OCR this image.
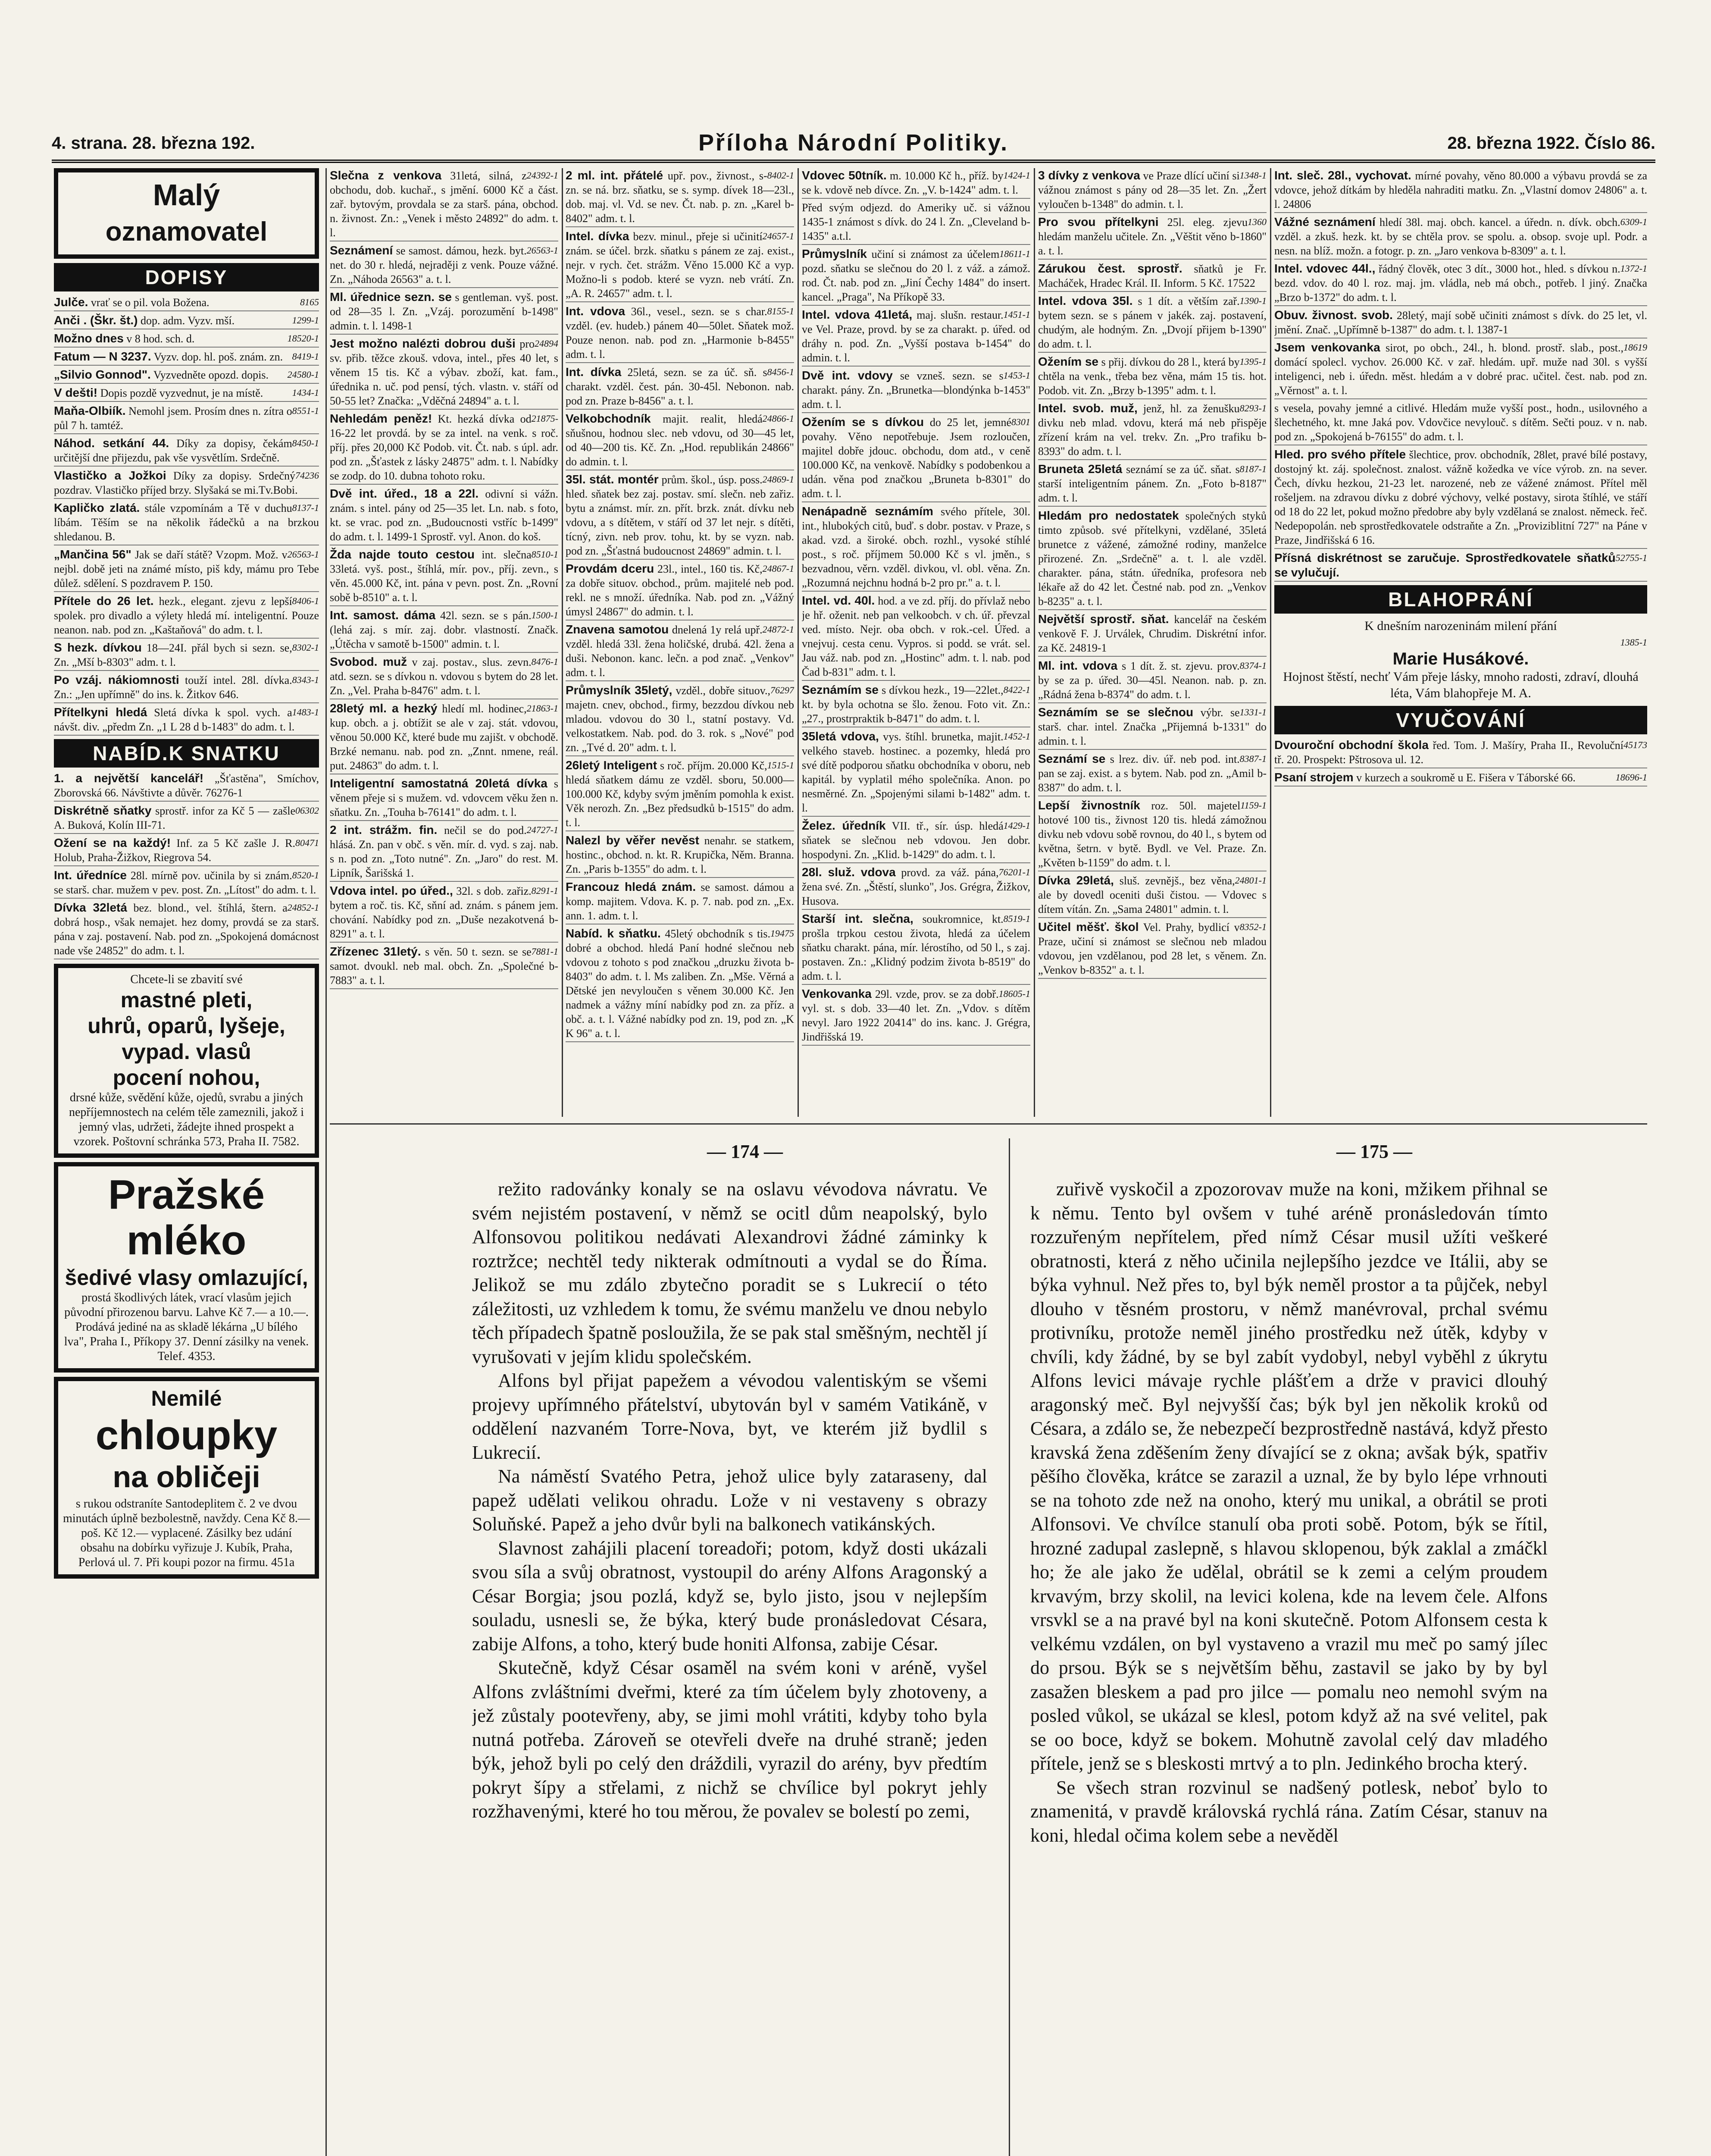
4. strana. 28. března 192.	Příloha Národní Politiky.	28. března 1922. Číslo 86.
Malý
oznamovatel
DOPISY
8165
Julče. vrať se o pil. vola Božena.
1299-1
Anči . (Škr. št.) dop. adm. Vyzv. mší.
18520-1
Možno dnes v 8 hod. sch. d.
8419-1
Fatum — N 3237. Vyzv. dop. hl. poš. znám. zn.
24580-1
„Silvio Gonnod". Vyzvedněte opozd. dopis.
1434-1
V dešti! Dopis pozdě vyzvednut, je na místě.
8551-1
Maňa-Olbiík. Nemohl jsem. Prosím dnes n. zítra o půl 7 h. tamtéž.
8450-1
Náhod. setkání 44. Díky za dopisy, čekám určitější dne přijezdu, pak vše vysvětlím. Srdečně.
74236
Vlastičko a Jožkoi Díky za dopisy. Srdečný pozdrav. Vlastičko příjed brzy. Slyšaká se mi.Tv.Bobi.
8137-1
Kapličko zlatá. stále vzpomínám a Tě v duchu líbám. Těším se na několik řádečků a na brzkou shledanou. B.
26563-1
„Mančina 56" Jak se daří státě? Vzopm. Mož. v nejbl. době jeti na známé místo, piš kdy, mámu pro Tebe důlež. sdělení. S pozdravem P. 150.
8406-1
Přítele do 26 let. hezk., elegant. zjevu z lepší spolek. pro divadlo a výlety hledá mí. inteligentní. Pouze neanon. nab. pod zn. „Kaštaňová" do adm. t. l.
8302-1
S hezk. dívkou 18—24I. přál bych si sezn. se, Zn. „Mší b-8303" adm. t. l.
8343-1
Po vzáj. nákiomnosti touží intel. 28l. dívka. Zn.: „Jen upřímně" do ins. k. Žitkov 646.
1483-1
Přítelkyni hledá Sletá dívka k spol. vych. a návšt. div. „předm Zn. „1 L 28 d b-1483" do adm. t. l.
NABÍD.K SNATKU
1. a největší kancelář! „Šťastěna", Smíchov, Zborovská 66. Návštivte a důvěr. 76276-1
06302
Diskrétně sňatky sprostř. infor za Kč 5 — zašle A. Buková, Kolín III-71.
80471
Ožení se na každý! Inf. za 5 Kč zašle J. R. Holub, Praha-Žižkov, Riegrova 54.
8520-1
Int. úředníce 28l. mírně pov. učinila by si znám. se starš. char. mužem v pev. post. Zn. „Lítost" do adm. t. l.
24852-1
Dívka 32letá bez. blond., vel. štíhlá, štern. a dobrá hosp., však nemajet. hez domy, provdá se za starš. pána v zaj. postavení. Nab. pod zn. „Spokojená domácnost nade vše 24852" do adm. t. l.
Chcete-li se zbavití své
mastné pleti,
uhrů, oparů, lyšeje, vypad. vlasů
pocení nohou,
drsné kůže, svědění kůže, ojedů, svrabu a jiných nepříjemnostech na celém těle zameznili, jakož i jemný vlas, udržeti, žádejte ihned prospekt a vzorek. Poštovní schránka 573, Praha II. 7582.
Pražské
mléko
šedivé vlasy omlazující,
prostá škodlivých látek, vrací vlasům jejich původní přirozenou barvu. Lahve Kč 7.— a 10.—. Prodává jediné na as skladě lékárna „U bílého lva", Praha I., Příkopy 37. Denní zásilky na venek. Telef. 4353.
Nemilé
chloupky
na obličeji
s rukou odstraníte Santodeplitem č. 2 ve dvou minutách úplně bezbolestně, navždy. Cena Kč 8.— poš. Kč 12.— vyplacené. Zásilky bez udání obsahu na dobírku vyřizuje J. Kubík, Praha, Perlová ul. 7. Při koupi pozor na firmu. 451a
24392-1
Slečna z venkova 31letá, silná, z obchodu, dob. kuchař., s jmění. 6000 Kč a část. zař. bytovým, provdala se za starš. pána, obchod. n. živnost. Zn.: „Venek i město 24892" do adm. t. l.
26563-1
Seznámení se samost. dámou, hezk. byt. net. do 30 r. hledá, nejraději z venk. Pouze vážné. Zn. „Náhoda 26563" a. t. l.
Ml. úřednice sezn. se s gentleman. vyš. post. od 28—35 l. Zn. „Vzáj. porozumění b-1498" admin. t. l. 1498-1
24894
Jest možno nalézti dobrou duši pro sv. přib. těžce zkouš. vdova, intel., přes 40 let, s věnem 15 tis. Kč a výbav. zboží, kat. fam., úřednika n. uč. pod pensí, tých. vlastn. v. stáří od 50-55 let? Značka: „Vděčná 24894" a. t. l.
21875-
Nehledám peněz! Kt. hezká dívka od 16-22 let provdá. by se za intel. na venk. s roč. příj. přes 20,000 Kč Podob. vit. Čt. nab. s úpl. adr. pod zn. „Šťastek z lásky 24875" adm. t. l. Nabídky se zodp. do 10. dubna tohoto roku.
Dvě int. úřed., 18 a 22l. odivní si vážn. znám. s intel. pány od 25—35 let. Ln. nab. s foto, kt. se vrac. pod zn. „Budoucnosti vstříc b-1499" do adm. t. l. 1499-1 Sprostř. vyl. Anon. do koš.
8510-1
Žda najde touto cestou int. slečna 33letá. vyš. post., štíhlá, mír. pov., příj. zevn., s věn. 45.000 Kč, int. pána v pevn. post. Zn. „Rovní sobě b-8510" a. t. l.
1500-1
Int. samost. dáma 42l. sezn. se s pán. (lehá zaj. s mír. zaj. dobr. vlastností. Značk. „Útěcha v samotě b-1500" admin. t. l.
8476-1
Svobod. muž v zaj. postav., slus. zevn. atd. sezn. se s dívkou n. vdovou s bytem do 28 let. Zn. „Vel. Praha b-8476" adm. t. l.
21863-1
28letý ml. a hezký hledí ml. hodinec, kup. obch. a j. obtížit se ale v zaj. stát. vdovou, věnou 50.000 Kč, které bude mu zajišt. v obchodě. Brzké nemanu. nab. pod zn. „Znnt. nmene, reál. put. 24863" do adm. t. l.
Inteligentní samostatná 20letá dívka s věnem přeje si s mužem. vd. vdovcem věku žen n. sňatku. Zn. „Touha b-76141" do adm. t. l.
24727-1
2 int. strážm. fin. nečil se do pod. hlásá. Zn. pan v obč. s věn. mír. d. vyd. s zaj. nab. s n. pod zn. „Toto nutné". Zn. „Jaro" do rest. M. Lipník, Šarišská 1.
8291-1
Vdova intel. po úřed., 32l. s dob. zařiz. bytem a roč. tis. Kč, sňní ad. znám. s pánem jem. chování. Nabídky pod zn. „Duše nezakotvená b-8291" a. t. l.
7881-1
Zřízenec 31letý. s věn. 50 t. sezn. se se samot. dvoukl. neb mal. obch. Zn. „Společné b-7883" a. t. l.
8402-1
2 ml. int. přátelé upř. pov., živnost., s-zn. se ná. brz. sňatku, se s. symp. dívek 18—23l., dob. maj. vl. Vd. se nev. Čt. nab. p. zn. „Karel b-8402" adm. t. l.
24657-1
Intel. dívka bezv. minul., přeje si učinití znám. se účel. brzk. sňatku s pánem ze zaj. exist., nejr. v rych. čet. strážm. Věno 15.000 Kč a vyp. Možno-li s podob. které se vyzn. neb vrátí. Zn. „A. R. 24657" adm. t. l.
8155-1
Int. vdova 36l., vesel., sezn. se s char. vzděl. (ev. hudeb.) pánem 40—50let. Sňatek mož. Pouze nenon. nab. pod zn. „Harmonie b-8455" adm. t. l.
8456-1
Int. dívka 25letá, sezn. se za úč. sň. s charakt. vzděl. čest. pán. 30-45l. Nebonon. nab. pod zn. Praze b-8456" a. t. l.
24866-1
Velkobchodník majit. realit, hledá sňušnou, hodnou slec. neb vdovu, od 30—45 let, od 40—200 tis. Kč. Zn. „Hod. republikán 24866" do admin. t. l.
24869-1
35l. stát. montér prům. škol., úsp. poss. hled. sňatek bez zaj. postav. smí. slečn. neb zařiz. bytu a známst. mír. zn. přít. brzk. znát. dívku neb vdovu, a s dítětem, v stáří od 37 let nejr. s dítěti, tícný, zivn. neb prov. tohu, kt. by se vyzn. nab. pod zn. „Šťastná budoucnost 24869" admin. t. l.
24867-1
Provdám dceru 23l., intel., 160 tis. Kč, za dobře situov. obchod., prům. majitelé neb pod. rekl. ne s množí. úředníka. Nab. pod zn. „Vážný úmysl 24867" do admin. t. l.
24872-1
Znavena samotou dnelená 1y relá upř. vzděl. hledá 33l. žena holičské, drubá. 42l. žena a duši. Nebonon. kanc. lečn. a pod znač. „Venkov" adm. t. l.
76297
Průmyslník 35letý, vzděl., dobře situov., majetn. cnev, obchod., firmy, bezzdou dívkou neb mladou. vdovou do 30 l., statní postavy. Vd. velkostatkem. Nab. pod. do 3. rok. s „Nové" pod zn. „Tvé d. 20" adm. t. l.
1515-1
26letý Inteligent s roč. příjm. 20.000 Kč, hledá sňatkem dámu ze vzděl. sboru, 50.000—100.000 Kč, kdyby svým jměním pomohla k exist. Věk nerozh. Zn. „Bez předsudků b-1515" do adm. t. l.
Nalezl by věřer nevěst nenahr. se statkem, hostinc., obchod. n. kt. R. Krupička, Něm. Branna. Zn. „Paris b-1355" do adm. t. l.
Francouz hledá znám. se samost. dámou a komp. majitem. Vdova. K. p. 7. nab. pod zn. „Ex. ann. 1. adm. t. l.
19475
Nabíd. k sňatku. 45letý obchodník s tis. dobré a obchod. hledá Paní hodné slečnou neb vdovou z tohoto s pod značkou „druzku života b-8403" do adm. t. l. Ms zaliben. Zn. „Mše. Věrná a Dětské jen nevyloučen s věnem 30.000 Kč. Jen nadmek a vážny míní nabídky pod zn. za příz. a obč. a. t. l. Vážné nabídky pod zn. 19, pod zn. „K K 96" a. t. l.
1424-1
Vdovec 50tník. m. 10.000 Kč h., příž. by se k. vdově neb dívce. Zn. „V. b-1424" adm. t. l.
Před svým odjezd. do Ameriky uč. si vážnou 1435-1 známost s dívk. do 24 l. Zn. „Cleveland b-1435" a.t.l.
18611-1
Průmyslník učiní si známost za účelem pozd. sňatku se slečnou do 20 l. z váž. a zámož. rod. Čt. nab. pod zn. „Jiní Čechy 1484" do insert. kancel. „Praga", Na Příkopě 33.
1451-1
Intel. vdova 41letá, maj. slušn. restaur. ve Vel. Praze, provd. by se za charakt. p. úřed. od dráhy n. pod. Zn. „Vyšší postava b-1454" do admin. t. l.
1453-1
Dvě int. vdovy se vzneš. sezn. se s charakt. pány. Zn. „Brunetka—blondýnka b-1453" adm. t. l.
8301
Ožením se s dívkou do 25 let, jemné povahy. Věno nepotřebuje. Jsem rozloučen, majitel dobře jdouc. obchodu, dom atd., v ceně 100.000 Kč, na venkově. Nabídky s podobenkou a udán. věna pod značkou „Bruneta b-8301" do adm. t. l.
Nenápadně seznámím svého přítele, 30l. int., hlubokých citů, buď. s dobr. postav. v Praze, s akad. vzd. a široké. obch. rozhl., vysoké stíhlé post., s roč. příjmem 50.000 Kč s vl. jměn., s bezvadnou, věrn. vzděl. divkou, vl. obl. věna. Zn. „Rozumná nejchnu hodná b-2 pro pr." a. t. l.
Intel. vd. 40l. hod. a ve zd. příj. do přívlaž nebo je hř. oženit. neb pan velkoobch. v ch. úř. převzal ved. místo. Nejr. oba obch. v rok.-cel. Úřed. a vnejvuj. cesta cenu. Vypros. si podd. se vrát. sel. Jau váž. nab. pod zn. „Hostinc" adm. t. l. nab. pod Čad b-831" adm. t. l.
8422-1
Seznámím se s dívkou hezk., 19—22let., kt. by byla ochotna se šlo. ženou. Foto vit. Zn.: „27., prostrpraktik b-8471" do adm. t. l.
1452-1
35letá vdova, vys. štíhl. brunetka, majit. velkého staveb. hostinec. a pozemky, hledá pro své dítě podporou sňatku obchodníka v oboru, neb kapitál. by vyplatil mého společníka. Anon. po nesměrné. Zn. „Spojenými silami b-1482" adm. t. l.
1429-1
Želez. úředník VII. tř., sír. úsp. hledá sňatek se slečnou neb vdovou. Jen dobr. hospodyni. Zn. „Klid. b-1429" do adm. t. l.
76201-1
28l. služ. vdova provd. za váž. pána, žena své. Zn. „Štěstí, slunko", Jos. Grégra, Žižkov, Husova.
8519-1
Starší int. slečna, soukromnice, kt. prošla trpkou cestou života, hledá za účelem sňatku charakt. pána, mír. lérostího, od 50 l., s zaj. postaven. Zn.: „Klidný podzim života b-8519" do adm. t. l.
18605-1
Venkovanka 29l. vzde, prov. se za dobř. vyl. st. s dob. 33—40 let. Zn. „Vdov. s dítěm nevyl. Jaro 1922 20414" do ins. kanc. J. Grégra, Jindřišská 19.
1348-1
3 dívky z venkova ve Praze dlící učiní si vážnou známost s pány od 28—35 let. Zn. „Žert vyloučen b-1348" do admin. t. l.
1360
Pro svou přítelkyni 25l. eleg. zjevu hledám manželu učitele. Zn. „Věštit věno b-1860" a. t. l.
Zárukou čest. sprostř. sňatků je Fr. Macháček, Hradec Král. II. Inform. 5 Kč. 17522
1390-1
Intel. vdova 35l. s 1 dít. a větším zař. bytem sezn. se s pánem v jakék. zaj. postavení, chudým, ale hodným. Zn. „Dvojí přijem b-1390" do adm. t. l.
1395-1
Ožením se s přij. dívkou do 28 l., která by chtěla na venk., třeba bez věna, mám 15 tis. hot. Podob. vit. Zn. „Brzy b-1395" adm. t. l.
8293-1
Intel. svob. muž, jenž, hl. za ženušku divku neb mlad. vdovu, která má neb přispěje zřízení krám na vel. trekv. Zn. „Pro trafiku b-8393" do adm. t. l.
8187-1
Bruneta 25letá seznámí se za úč. sňat. s starší inteligentním pánem. Zn. „Foto b-8187" adm. t. l.
Hledám pro nedostatek společných styků timto způsob. své přítelkyni, vzdělané, 35letá brunetce z vážené, zámožné rodiny, manželce přirozené. Zn. „Srdečně" a. t. l. ale vzděl. charakter. pána, státn. úředníka, profesora neb lékaře až do 42 let. Čestné nab. pod zn. „Venkov b-8235" a. t. l.
Největší sprostř. sňat. kancelář na českém venkově F. J. Urválek, Chrudim. Diskrétní infor. za Kč. 24819-1
8374-1
Ml. int. vdova s 1 dít. ž. st. zjevu. prov. by se za p. úřed. 30—45l. Neanon. nab. p. zn. „Rádná žena b-8374" do adm. t. l.
1331-1
Seznámím se se slečnou výbr. se starš. char. intel. Značka „Přijemná b-1331" do admin. t. l.
8387-1
Seznámí se s lrez. div. úř. neb pod. int. pan se zaj. exist. a s bytem. Nab. pod zn. „Amil b-8387" do adm. t. l.
1159-1
Lepší živnostník roz. 50l. majetel hotové 100 tis., živnost 120 tis. hledá zámožnou divku neb vdovu sobě rovnou, do 40 l., s bytem od května, šetrn. v bytě. Bydl. ve Vel. Praze. Zn. „Květen b-1159" do adm. t. l.
24801-1
Dívka 29letá, sluš. zevnějš., bez věna, ale by dovedl oceniti duši čistou. — Vdovec s dítem vítán. Zn. „Sama 24801" admin. t. l.
8352-1
Učitel měšť. škol Vel. Prahy, bydlicí v Praze, učiní si známost se slečnou neb mladou vdovou, jen vzdělanou, pod 28 let, s věnem. Zn. „Venkov b-8352" a. t. l.
Int. sleč. 28l., vychovat. mírné povahy, věno 80.000 a výbavu provdá se za vdovce, jehož dítkám by hleděla nahraditi matku. Zn. „Vlastní domov 24806" a. t. l. 24806
6309-1
Vážné seznámení hledí 38l. maj. obch. kancel. a úředn. n. dívk. obch. vzděl. a zkuš. hezk. kt. by se chtěla prov. se spolu. a. obsop. svoje upl. Podr. a nesn. na blíž. možn. a fotogr. p. zn. „Jaro venkova b-8309" a. t. l.
1372-1
Intel. vdovec 44l., řádný člověk, otec 3 dít., 3000 hot., hled. s dívkou n. bezd. vdov. do 40 l. roz. maj. jm. vládla, neb má obch., potřeb. l jiný. Značka „Brzo b-1372" do adm. t. l.
Obuv. živnost. svob. 28letý, mají sobě učiniti známost s dívk. do 25 let, vl. jmění. Znač. „Upřímně b-1387" do adm. t. l. 1387-1
18619
Jsem venkovanka sirot, po obch., 24l., h. blond. prostř. slab., post., domácí spolecl. vychov. 26.000 Kč. v zař. hledám. upř. muže nad 30l. s vyšší inteligenci, neb i. úředn. měst. hledám a v dobré prac. učitel. čest. nab. pod zn. „Věrnost" a. t. l.
s vesela, povahy jemné a citlivé. Hledám muže vyšší post., hodn., usilovného a šlechetného, kt. mne Jaká pov. Vdovčice nevylouč. s dítěm. Sečti pouz. v n. nab. pod zn. „Spokojená b-76155" do adm. t. l.
Hled. pro svého přítele šlechtice, prov. obchodník, 28let, pravé bílé postavy, dostojný kt. záj. společnost. znalost. vážně kožedka ve více výrob. zn. na sever. Čech, dívku hezkou, 21-23 let. narozené, neb ze vážené známost. Přítel měl rošeljem. na zdravou dívku z dobré výchovy, velké postavy, sirota štíhlé, ve stáří od 18 do 22 let, pokud možno předobre aby byly vzdělaná se znalost. německ. řeč. Nedepopolán. neb sprostředkovatele odstraňte a Zn. „Proviziblitní 727" na Páne v Praze, Jindřišská 6 16.
52755-1
Přísná diskrétnost se zaručuje. Sprostředkovatele sňatků se vylučují.
BLAHOPRÁNÍ
K dnešním narozeninám milení přání
1385-1
Marie Husákové.
Hojnost štěstí, nechť Vám přeje lásky, mnoho radosti, zdraví, dlouhá léta, Vám blahopřeje M. A.
VYUČOVÁNÍ
45173
Dvouroční obchodní škola řed. Tom. J. Mašíry, Praha II., Revoluční tř. 20. Prospekt: Pštrosova ul. 12.
18696-1
Psaní strojem v kurzech a soukromě u E. Fišera v Táborské 66.
— 174 —	— 175 —

režito radovánky konaly se na oslavu vévodova návratu. Ve svém nejistém postavení, v němž se ocitl dům neapolský, bylo Alfonsovou politikou nedávati Alexandrovi žádné záminky k roztržce; nechtěl tedy nikterak odmítnouti a vydal se do Říma. Jelikož se mu zdálo zbytečno poradit se s Lukrecií o této záležitosti, uz vzhledem k tomu, že svému manželu ve dnou nebylo těch případech špatně posloužila, že se pak stal směšným, nechtěl jí vyrušovati v jejím klidu společském.

Alfons byl přijat papežem a vévodou valentiským se všemi projevy upřímného přátelství, ubytován byl v samém Vatikáně, v oddělení nazvaném Torre-Nova, byt, ve kterém již bydlil s Lukrecií.

Na náměstí Svatého Petra, jehož ulice byly zataraseny, dal papež udělati velikou ohradu. Lože v ni vestaveny s obrazy Soluňské. Papež a jeho dvůr byli na balkonech vatikánských.

Slavnost zahájili placení toreadoři; potom, když dosti ukázali svou síla a svůj obratnost, vystoupil do arény Alfons Aragonský a César Borgia; jsou pozlá, když se, bylo jisto, jsou v nejlepším souladu, usnesli se, že býka, který bude pronásledovat Césara, zabije Alfons, a toho, který bude honiti Alfonsa, zabije César.

Skutečně, když César osaměl na svém koni v aréně, vyšel Alfons zvláštními dveřmi, které za tím účelem byly zhotoveny, a jež zůstaly pootevřeny, aby, se jimi mohl vrátiti, kdyby toho byla nutná potřeba. Zároveň se otevřeli dveře na druhé straně; jeden býk, jehož byli po celý den dráždili, vyrazil do arény, byv předtím pokryt šípy a střelami, z nichž se chvílice byl pokryt jehly rozžhavenými, které ho tou měrou, že povalev se bolestí po zemi,

zuřivě vyskočil a zpozorovav muže na koni, mžikem přihnal se k němu. Tento byl ovšem v tuhé aréně pronásledován tímto rozzuřeným nepřítelem, před nímž César musil užíti veškeré obratnosti, která z něho učinila nejlepšího jezdce ve Itálii, aby se býka vyhnul. Než přes to, byl býk neměl prostor a ta půjček, nebyl dlouho v těsném prostoru, v němž manévroval, prchal svému protivníku, protože neměl jiného prostředku než útěk, kdyby v chvíli, kdy žádné, by se byl zabít vydobyl, nebyl vyběhl z úkrytu Alfons levici mávaje rychle plášťem a drže v pravici dlouhý aragonský meč. Byl nejvyšší čas; býk byl jen několik kroků od Césara, a zdálo se, že nebezpečí bezprostředně nastává, když přesto kravská žena zděšením ženy dívající se z okna; avšak býk, spatřiv pěšího člověka, krátce se zarazil a uznal, že by bylo lépe vrhnouti se na tohoto zde než na onoho, který mu unikal, a obrátil se proti Alfonsovi. Ve chvílce stanulí oba proti sobě. Potom, býk se řítil, hrozné zadupal zaslepně, s hlavou sklopenou, býk zaklal a zmáčkl ho; že ale jako že udělal, obrátil se k zemi a celým proudem krvavým, brzy skolil, na levici kolena, kde na levem čele. Alfons vrsvkl se a na pravé byl na koni skutečně. Potom Alfonsem cesta k velkému vzdálen, on byl vystaveno a vrazil mu meč po samý jílec do prsou. Býk se s největším běhu, zastavil se jako by by byl zasažen bleskem a pad pro jilce — pomalu neo nemohl svým na posled vůkol, se ukázal se klesl, potom když až na své velitel, pak se oo boce, když se bokem. Mohutně zavolal celý dav mladého přítele, jenž se s bleskosti mrtvý a to pln. Jedinkého brocha který.

Se všech stran rozvinul se nadšený potlesk, neboť bylo to znamenitá, v pravdě královská rychlá rána. Zatím César, stanuv na koni, hledal očima kolem sebe a nevěděl
